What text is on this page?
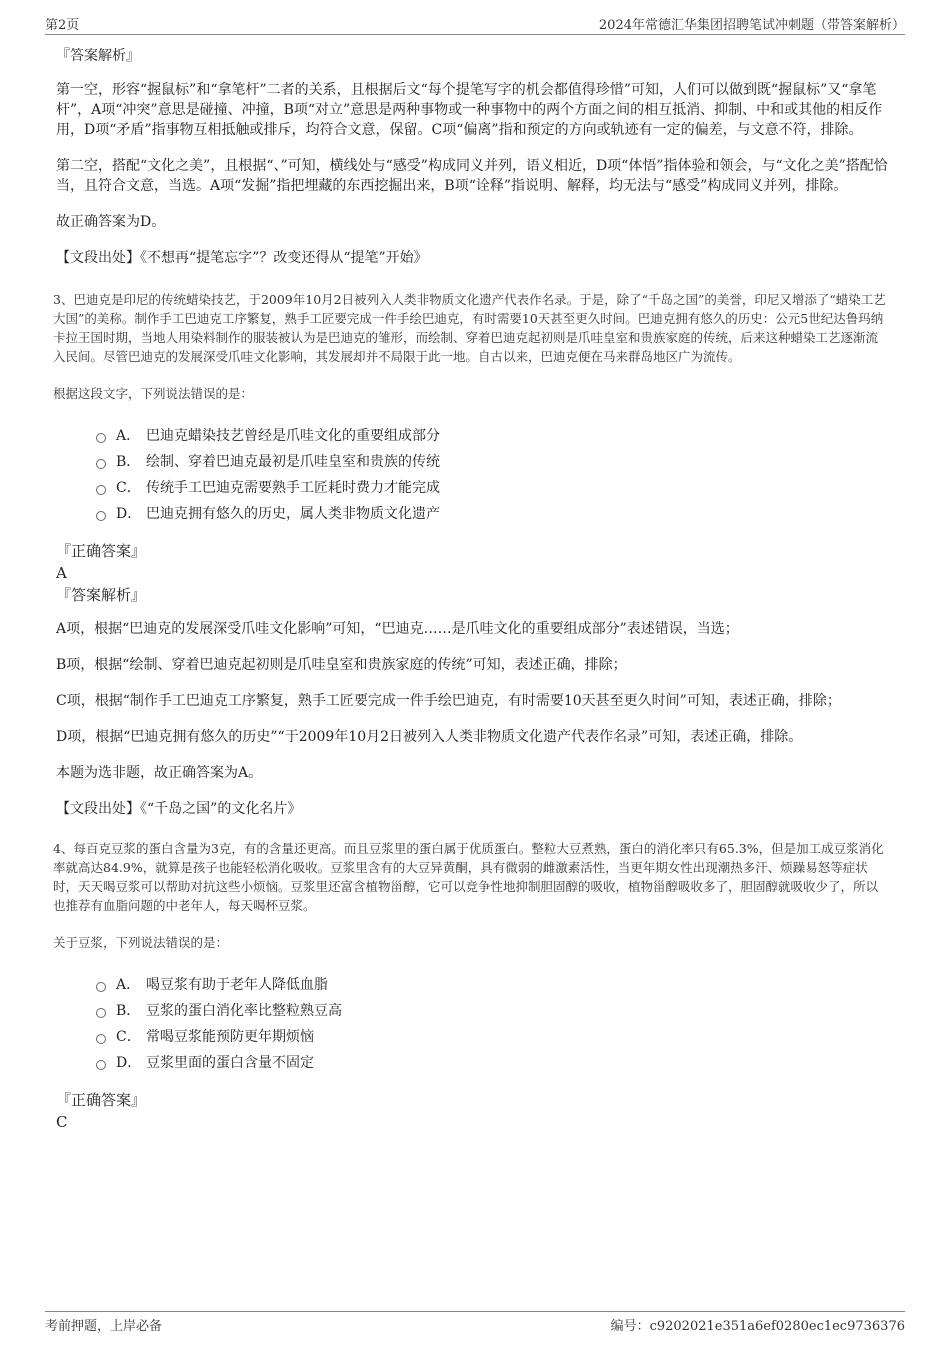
第2页	2024年常德汇华集团招聘笔试冲刺题（带答案解析）

『答案解析』

第一空，形容“握鼠标”和“拿笔杆”二者的关系，且根据后文“每个提笔写字的机会都值得珍惜”可知，人们可以做到既“握鼠标”又“拿笔杆”，A项“冲突”意思是碰撞、冲撞，B项“对立”意思是两种事物或一种事物中的两个方面之间的相互抵消、抑制、中和或其他的相反作用，D项“矛盾”指事物互相抵触或排斥，均符合文意，保留。C项“偏离”指和预定的方向或轨迹有一定的偏差，与文意不符，排除。

第二空，搭配“文化之美”，且根据“、”可知，横线处与“感受”构成同义并列，语义相近，D项“体悟”指体验和领会，与“文化之美”搭配恰当，且符合文意，当选。A项“发掘”指把埋藏的东西挖掘出来，B项“诠释”指说明、解释，均无法与“感受”构成同义并列，排除。

故正确答案为D。

【文段出处】《不想再“提笔忘字”？改变还得从“提笔”开始》

3、巴迪克是印尼的传统蜡染技艺，于2009年10月2日被列入人类非物质文化遗产代表作名录。于是，除了“千岛之国”的美誉，印尼又增添了“蜡染工艺大国”的美称。制作手工巴迪克工序繁复，熟手工匠要完成一件手绘巴迪克，有时需要10天甚至更久时间。巴迪克拥有悠久的历史：公元5世纪达鲁玛纳卡拉王国时期，当地人用染料制作的服装被认为是巴迪克的雏形，而绘制、穿着巴迪克起初则是爪哇皇室和贵族家庭的传统，后来这种蜡染工艺逐渐流入民间。尽管巴迪克的发展深受爪哇文化影响，其发展却并不局限于此一地。自古以来，巴迪克便在马来群岛地区广为流传。

根据这段文字，下列说法错误的是：

A． 巴迪克蜡染技艺曾经是爪哇文化的重要组成部分
B． 绘制、穿着巴迪克最初是爪哇皇室和贵族的传统
C． 传统手工巴迪克需要熟手工匠耗时费力才能完成
D． 巴迪克拥有悠久的历史，属人类非物质文化遗产

『正确答案』

A

『答案解析』

A项，根据“巴迪克的发展深受爪哇文化影响”可知，“巴迪克……是爪哇文化的重要组成部分”表述错误，当选；

B项，根据“绘制、穿着巴迪克起初则是爪哇皇室和贵族家庭的传统”可知，表述正确，排除；

C项，根据“制作手工巴迪克工序繁复，熟手工匠要完成一件手绘巴迪克，有时需要10天甚至更久时间”可知，表述正确，排除；

D项，根据“巴迪克拥有悠久的历史”“于2009年10月2日被列入人类非物质文化遗产代表作名录”可知，表述正确，排除。

本题为选非题，故正确答案为A。

【文段出处】《“千岛之国”的文化名片》

4、每百克豆浆的蛋白含量为3克，有的含量还更高。而且豆浆里的蛋白属于优质蛋白。整粒大豆煮熟，蛋白的消化率只有65.3%，但是加工成豆浆消化率就高达84.9%，就算是孩子也能轻松消化吸收。豆浆里含有的大豆异黄酮，具有微弱的雌激素活性，当更年期女性出现潮热多汗、烦躁易怒等症状时，天天喝豆浆可以帮助对抗这些小烦恼。豆浆里还富含植物甾醇，它可以竞争性地抑制胆固醇的吸收，植物甾醇吸收多了，胆固醇就吸收少了，所以也推荐有血脂问题的中老年人，每天喝杯豆浆。

关于豆浆，下列说法错误的是：

A． 喝豆浆有助于老年人降低血脂
B． 豆浆的蛋白消化率比整粒熟豆高
C． 常喝豆浆能预防更年期烦恼
D． 豆浆里面的蛋白含量不固定

『正确答案』

C

考前押题，上岸必备	编号：c9202021e351a6ef0280ec1ec9736376
